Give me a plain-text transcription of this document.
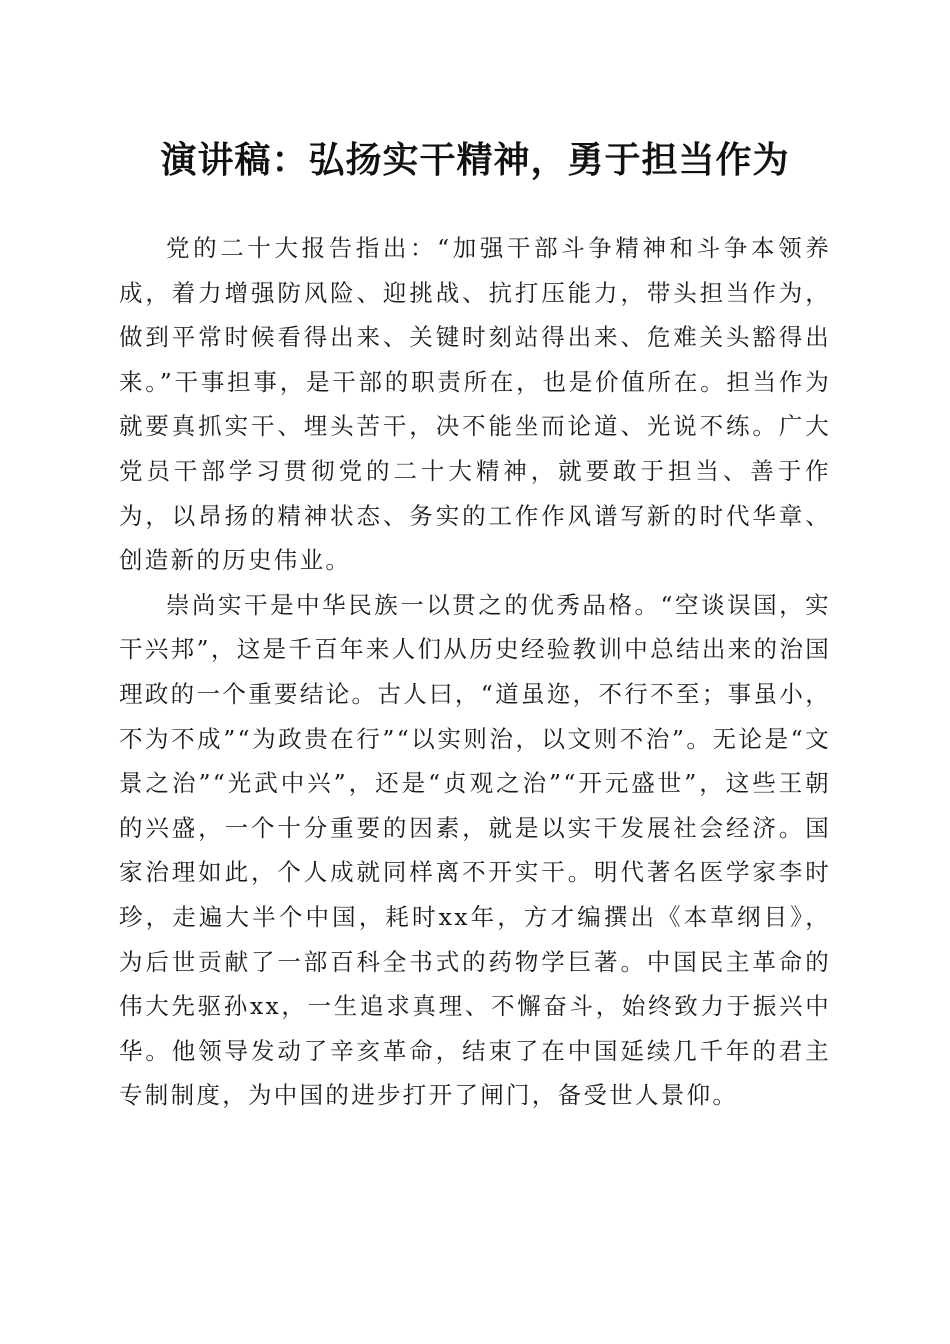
演讲稿：弘扬实干精神，勇于担当作为

党的二十大报告指出：“加强干部斗争精神和斗争本领养成，着力增强防风险、迎挑战、抗打压能力，带头担当作为，做到平常时候看得出来、关键时刻站得出来、危难关头豁得出来。”干事担事，是干部的职责所在，也是价值所在。担当作为就要真抓实干、埋头苦干，决不能坐而论道、光说不练。广大党员干部学习贯彻党的二十大精神，就要敢于担当、善于作为，以昂扬的精神状态、务实的工作作风谱写新的时代华章、创造新的历史伟业。

崇尚实干是中华民族一以贯之的优秀品格。“空谈误国，实干兴邦”，这是千百年来人们从历史经验教训中总结出来的治国理政的一个重要结论。古人曰，“道虽迩，不行不至；事虽小，不为不成”“为政贵在行”“以实则治，以文则不治”。无论是“文景之治”“光武中兴”，还是“贞观之治”“开元盛世”，这些王朝的兴盛，一个十分重要的因素，就是以实干发展社会经济。国家治理如此，个人成就同样离不开实干。明代著名医学家李时珍，走遍大半个中国，耗时xx年，方才编撰出《本草纲目》，为后世贡献了一部百科全书式的药物学巨著。中国民主革命的伟大先驱孙xx，一生追求真理、不懈奋斗，始终致力于振兴中华。他领导发动了辛亥革命，结束了在中国延续几千年的君主专制制度，为中国的进步打开了闸门，备受世人景仰。
